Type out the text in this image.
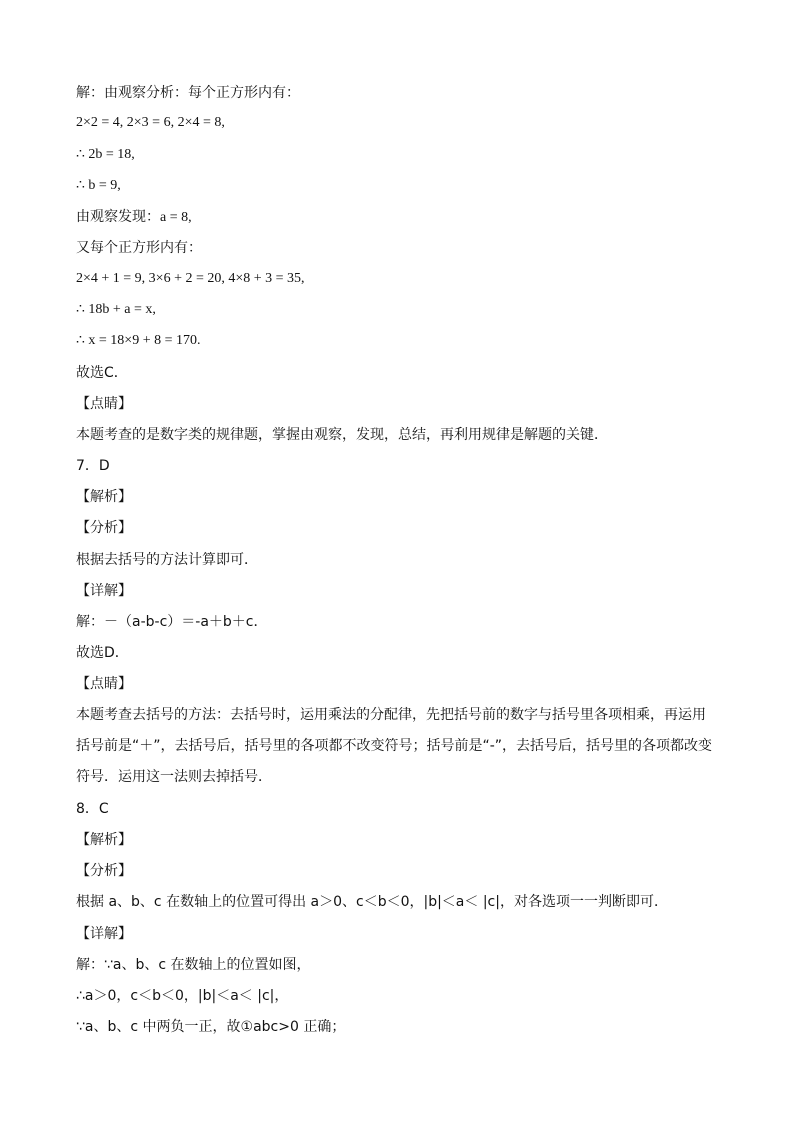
解：由观察分析：每个正方形内有：
2×2 = 4, 2×3 = 6, 2×4 = 8,
∴ 2b = 18,
∴ b = 9,
由观察发现：a = 8,
又每个正方形内有：
2×4 + 1 = 9, 3×6 + 2 = 20, 4×8 + 3 = 35,
∴ 18b + a = x,
∴ x = 18×9 + 8 = 170.
故选C．
【点睛】
本题考查的是数字类的规律题，掌握由观察，发现，总结，再利用规律是解题的关键．
7．D
【解析】
【分析】
根据去括号的方法计算即可．
【详解】
解：－（a-b-c）＝-a＋b＋c．
故选D．
【点睛】
本题考查去括号的方法：去括号时，运用乘法的分配律，先把括号前的数字与括号里各项相乘，再运用括号前是“＋”，去括号后，括号里的各项都不改变符号；括号前是“-”，去括号后，括号里的各项都改变符号．运用这一法则去掉括号．
8．C
【解析】
【分析】
根据 a、b、c 在数轴上的位置可得出 a＞0、c＜b＜0，|b|＜a＜ |c|，对各选项一一判断即可．
【详解】
解：∵a、b、c 在数轴上的位置如图，
∴a＞0，c＜b＜0，|b|＜a＜ |c|，
∵a、b、c 中两负一正，故①abc>0 正确；
